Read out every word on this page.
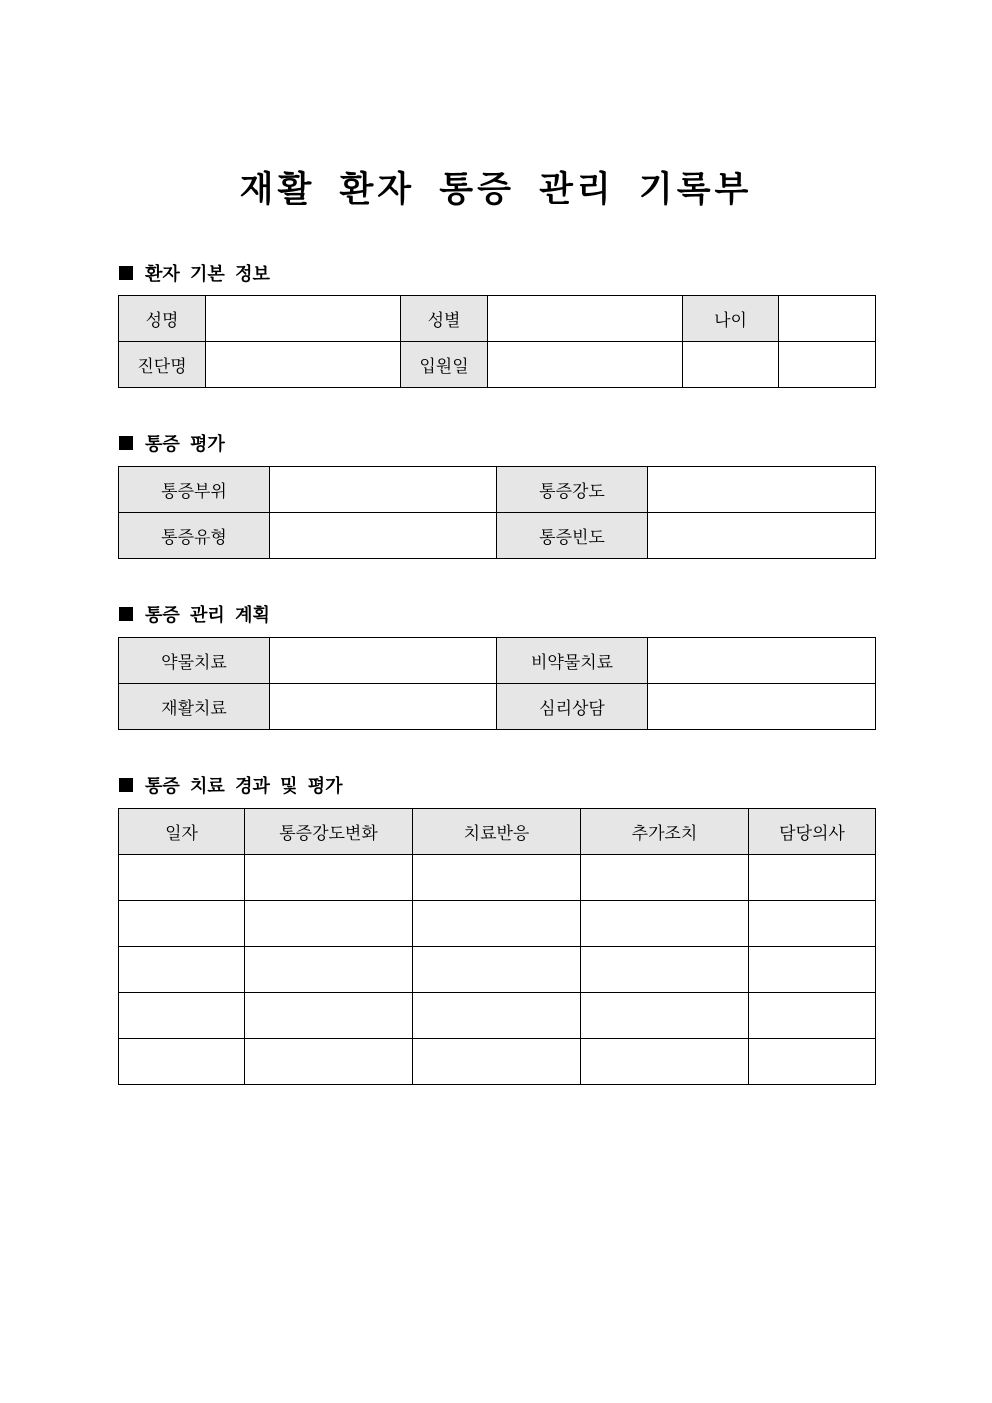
재활 환자 통증 관리 기록부
환자 기본 정보
성명		성별		나이	
진단명		입원일			
통증 평가
통증부위		통증강도	
통증유형		통증빈도	
통증 관리 계획
약물치료		비약물치료	
재활치료		심리상담	
통증 치료 경과 및 평가
일자	통증강도변화	치료반응	추가조치	담당의사
